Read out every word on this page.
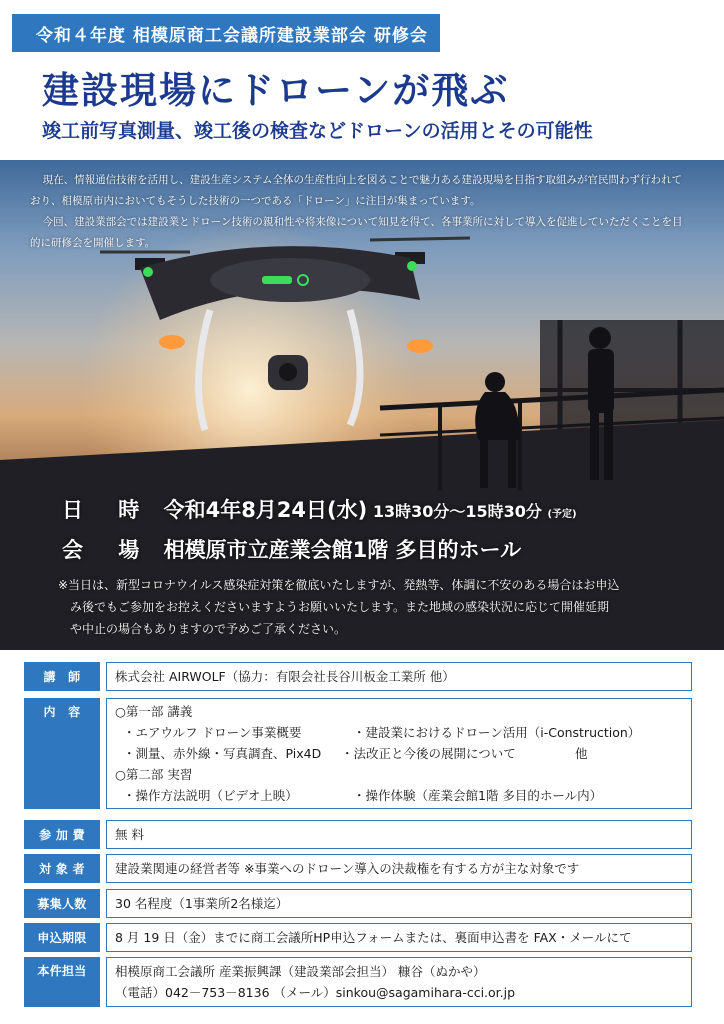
令和４年度 相模原商工会議所建設業部会 研修会
建設現場にドローンが飛ぶ
竣工前写真測量、竣工後の検査などドローンの活用とその可能性

現在、情報通信技術を活用し、建設生産システム全体の生産性向上を図ることで魅力ある建設現場を目指す取組みが官民問わず行われており、相模原市内においてもそうした技術の一つである「ドローン」に注目が集まっています。

今回、建設業部会では建設業とドローン技術の親和性や将来像について知見を得て、各事業所に対して導入を促進していただくことを目的に研修会を開催します。

日 時 令和4年8月24日(水) 13時30分～15時30分 (予定)
会 場 相模原市立産業会館1階 多目的ホール
※当日は、新型コロナウイルス感染症対策を徹底いたしますが、発熱等、体調に不安のある場合はお申込
み後でもご参加をお控えくださいますようお願いいたします。また地域の感染状況に応じて開催延期
や中止の場合もありますので予めご了承ください。
講　師	株式会社 AIRWOLF（協力：有限会社長谷川板金工業所 他）
内　容	○第一部 講義
・エアウルフ ドローン事業概要	・建設業におけるドローン活用（i-Construction）
・測量、赤外線・写真調査、Pix4D ・法改正と今後の展開について	他
○第二部 実習
・操作方法説明（ビデオ上映）	・操作体験（産業会館1階 多目的ホール内）
参 加 費	無 料
対 象 者	建設業関連の経営者等 ※事業へのドローン導入の決裁権を有する方が主な対象です
募集人数	30 名程度（1事業所2名様迄）
申込期限	8 月 19 日（金）までに商工会議所HP申込フォームまたは、裏面申込書を FAX・メールにて
本件担当	相模原商工会議所 産業振興課（建設業部会担当） 糠谷（ぬかや）
（電話）042－753－8136 （メール）sinkou@sagamihara-cci.or.jp
